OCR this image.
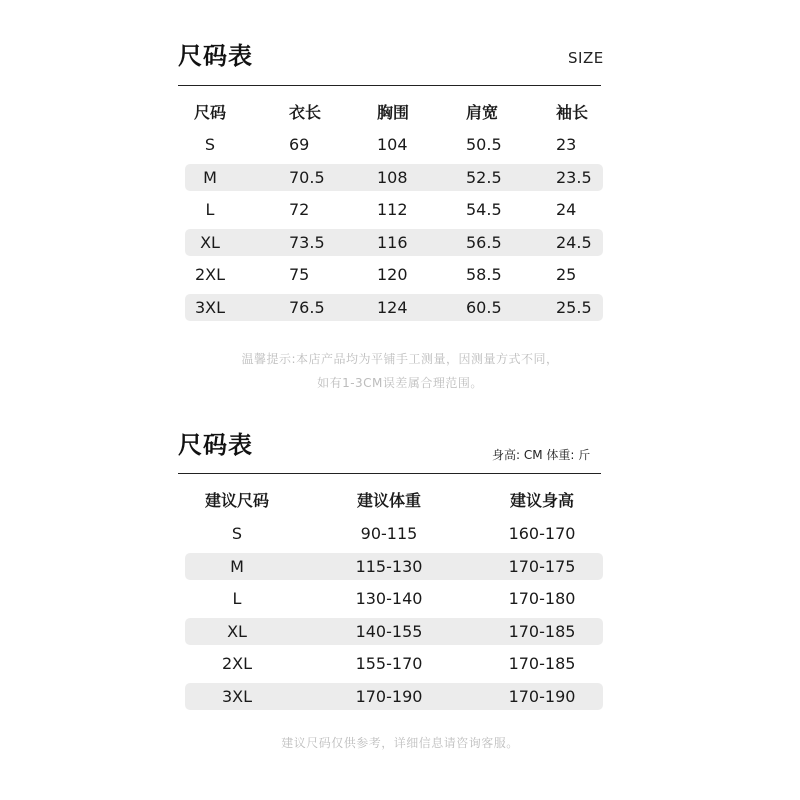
尺码表	SIZE
尺码	衣长	胸围	肩宽	袖长
S	69	104	50.5	23
M	70.5	108	52.5	23.5
L	72	112	54.5	24
XL	73.5	116	56.5	24.5
2XL	75	120	58.5	25
3XL	76.5	124	60.5	25.5
温馨提示:本店产品均为平铺手工测量，因测量方式不同，
如有1-3CM误差属合理范围。
尺码表	身高: CM 体重: 斤
建议尺码	建议体重	建议身高
S	90-115	160-170
M	115-130	170-175
L	130-140	170-180
XL	140-155	170-185
2XL	155-170	170-185
3XL	170-190	170-190
建议尺码仅供参考，详细信息请咨询客服。
